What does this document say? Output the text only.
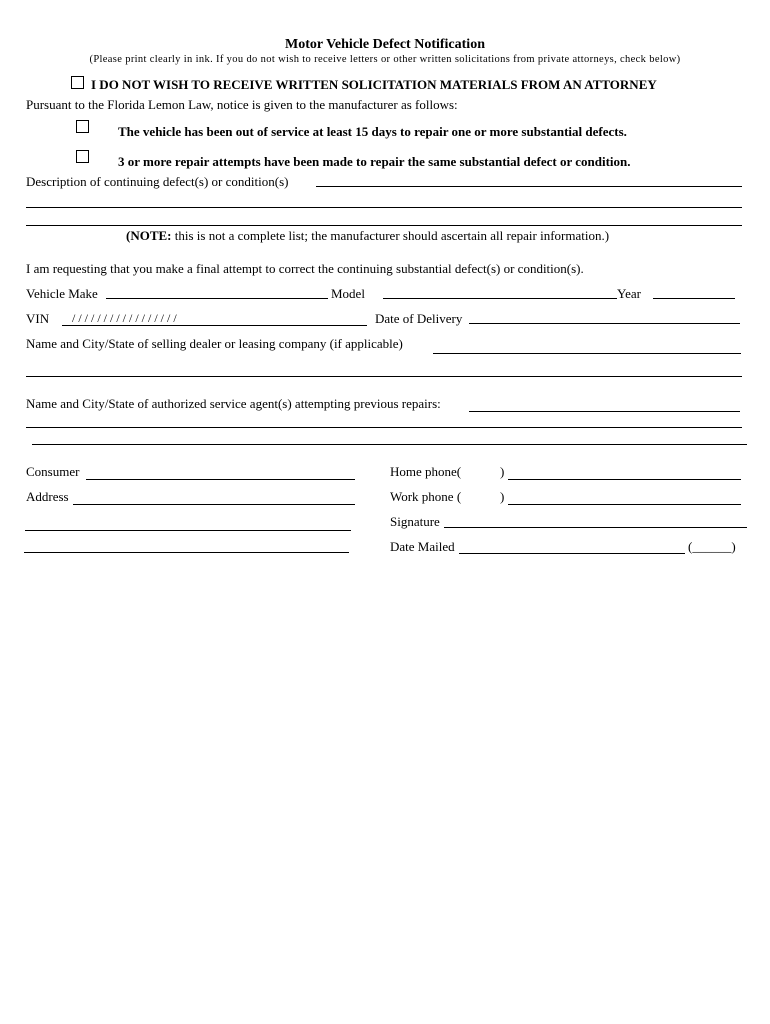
Motor Vehicle Defect Notification
(Please print clearly in ink. If you do not wish to receive letters or other written solicitations from private attorneys, check below)
I DO NOT WISH TO RECEIVE WRITTEN SOLICITATION MATERIALS FROM AN ATTORNEY
Pursuant to the Florida Lemon Law, notice is given to the manufacturer as follows:
The vehicle has been out of service at least 15 days to repair one or more substantial defects.
3 or more repair attempts have been made to repair the same substantial defect or condition.
Description of continuing defect(s) or condition(s)
(NOTE: this is not a complete list; the manufacturer should ascertain all repair information.)
I am requesting that you make a final attempt to correct the continuing substantial defect(s) or condition(s).
Vehicle Make	Model	Year
VIN / / / / / / / / / / / / / / / / /	Date of Delivery
Name and City/State of selling dealer or leasing company (if applicable)
Name and City/State of authorized service agent(s) attempting previous repairs:
Consumer	Home phone(	)
Address	Work phone (	)
Signature
Date Mailed	(______)
